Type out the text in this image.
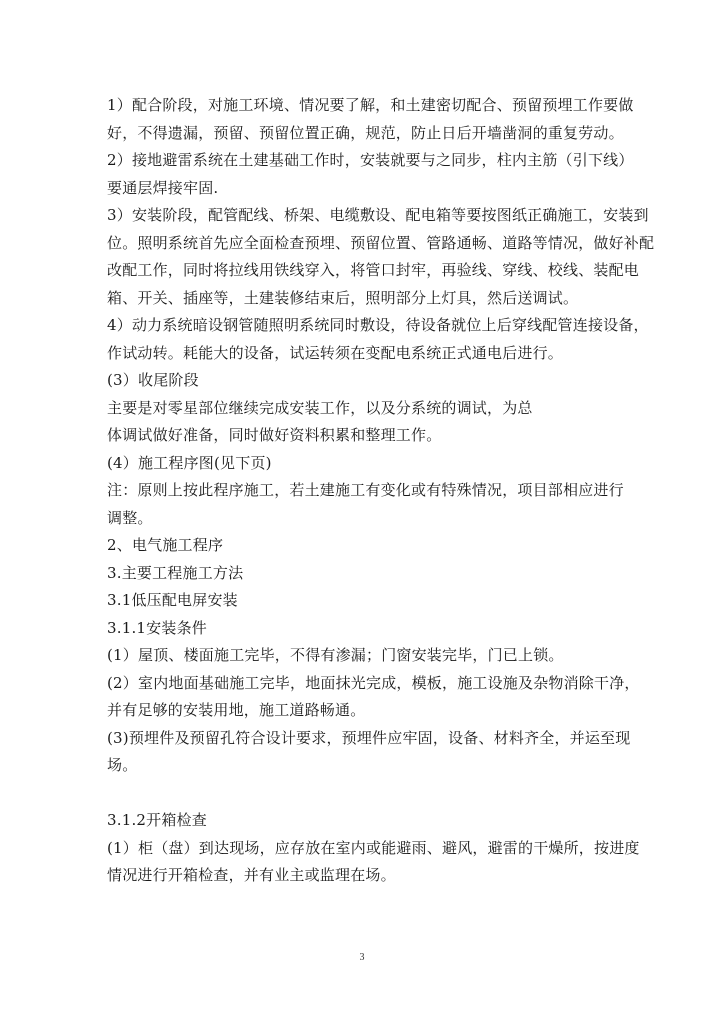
1）配合阶段，对施工环境、情况要了解，和土建密切配合、预留预埋工作要做
好，不得遗漏，预留、预留位置正确，规范，防止日后开墙凿洞的重复劳动。
2）接地避雷系统在土建基础工作时，安装就要与之同步，柱内主筋（引下线）
要通层焊接牢固.
3）安装阶段，配管配线、桥架、电缆敷设、配电箱等要按图纸正确施工，安装到
位。照明系统首先应全面检查预埋、预留位置、管路通畅、道路等情况，做好补配
改配工作，同时将拉线用铁线穿入，将管口封牢，再验线、穿线、校线、装配电
箱、开关、插座等，土建装修结束后，照明部分上灯具，然后送调试。
4）动力系统暗设钢管随照明系统同时敷设，待设备就位上后穿线配管连接设备，
作试动转。耗能大的设备，试运转须在变配电系统正式通电后进行。
(3）收尾阶段
主要是对零星部位继续完成安装工作，以及分系统的调试，为总
体调试做好准备，同时做好资料积累和整理工作。
(4）施工程序图(见下页)
注：原则上按此程序施工，若土建施工有变化或有特殊情况，项目部相应进行
调整。
2、电气施工程序
3.主要工程施工方法
3.1低压配电屏安装
3.1.1安装条件
(1）屋顶、楼面施工完毕，不得有渗漏；门窗安装完毕，门已上锁。
(2）室内地面基础施工完毕，地面抹光完成，模板，施工设施及杂物消除干净，
并有足够的安装用地，施工道路畅通。
(3)预埋件及预留孔符合设计要求，预埋件应牢固，设备、材料齐全，并运至现
场。
3.1.2开箱检查
(1）柜（盘）到达现场，应存放在室内或能避雨、避风，避雷的干燥所，按进度
情况进行开箱检查，并有业主或监理在场。
3
